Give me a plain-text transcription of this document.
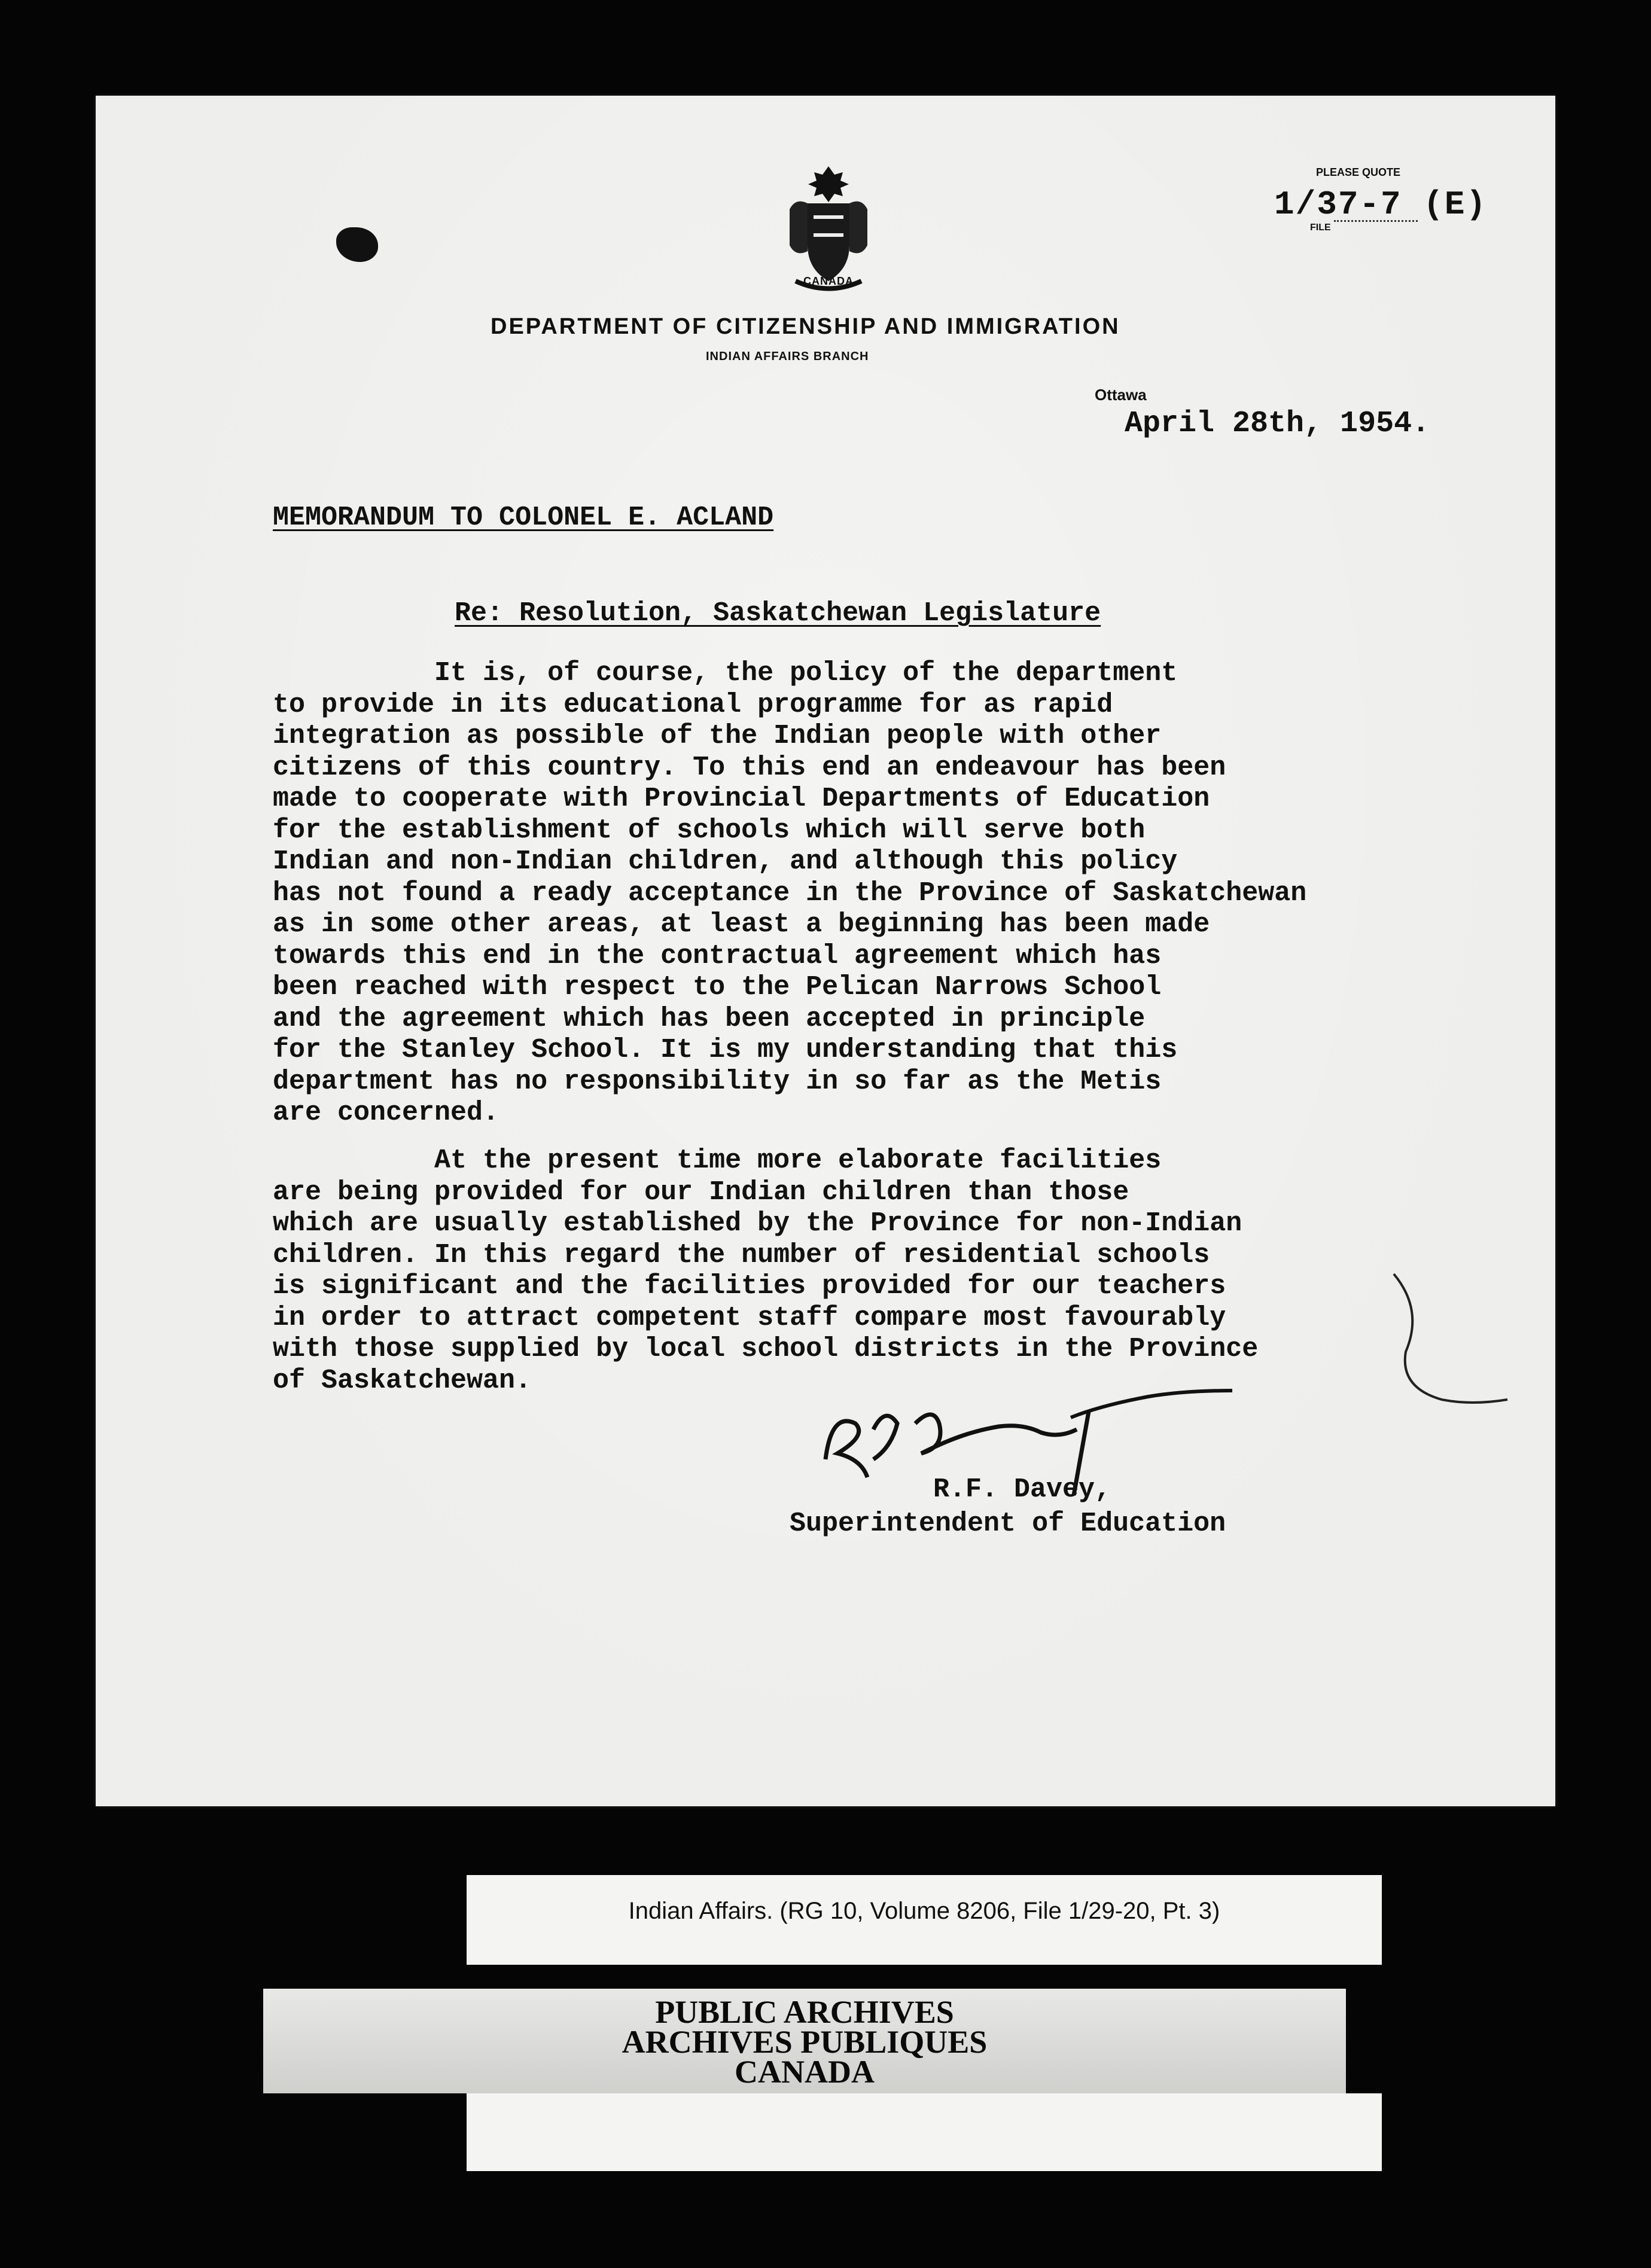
CANADA
PLEASE QUOTE
1/37-7 (E)
FILE
DEPARTMENT OF CITIZENSHIP AND IMMIGRATION
INDIAN AFFAIRS BRANCH
Ottawa
April 28th, 1954.
MEMORANDUM TO COLONEL E. ACLAND
Re: Resolution, Saskatchewan Legislature
It is, of course, the policy of the department
to provide in its educational programme for as rapid
integration as possible of the Indian people with other
citizens of this country. To this end an endeavour has been
made to cooperate with Provincial Departments of Education
for the establishment of schools which will serve both
Indian and non-Indian children, and although this policy
has not found a ready acceptance in the Province of Saskatchewan
as in some other areas, at least a beginning has been made
towards this end in the contractual agreement which has
been reached with respect to the Pelican Narrows School
and the agreement which has been accepted in principle
for the Stanley School. It is my understanding that this
department has no responsibility in so far as the Metis
are concerned.
At the present time more elaborate facilities
are being provided for our Indian children than those
which are usually established by the Province for non-Indian
children. In this regard the number of residential schools
is significant and the facilities provided for our teachers
in order to attract competent staff compare most favourably
with those supplied by local school districts in the Province
of Saskatchewan.
R.F. Davey,
Superintendent of Education
Indian Affairs. (RG 10, Volume 8206, File 1/29-20, Pt. 3)
PUBLIC ARCHIVES
ARCHIVES PUBLIQUES
CANADA
